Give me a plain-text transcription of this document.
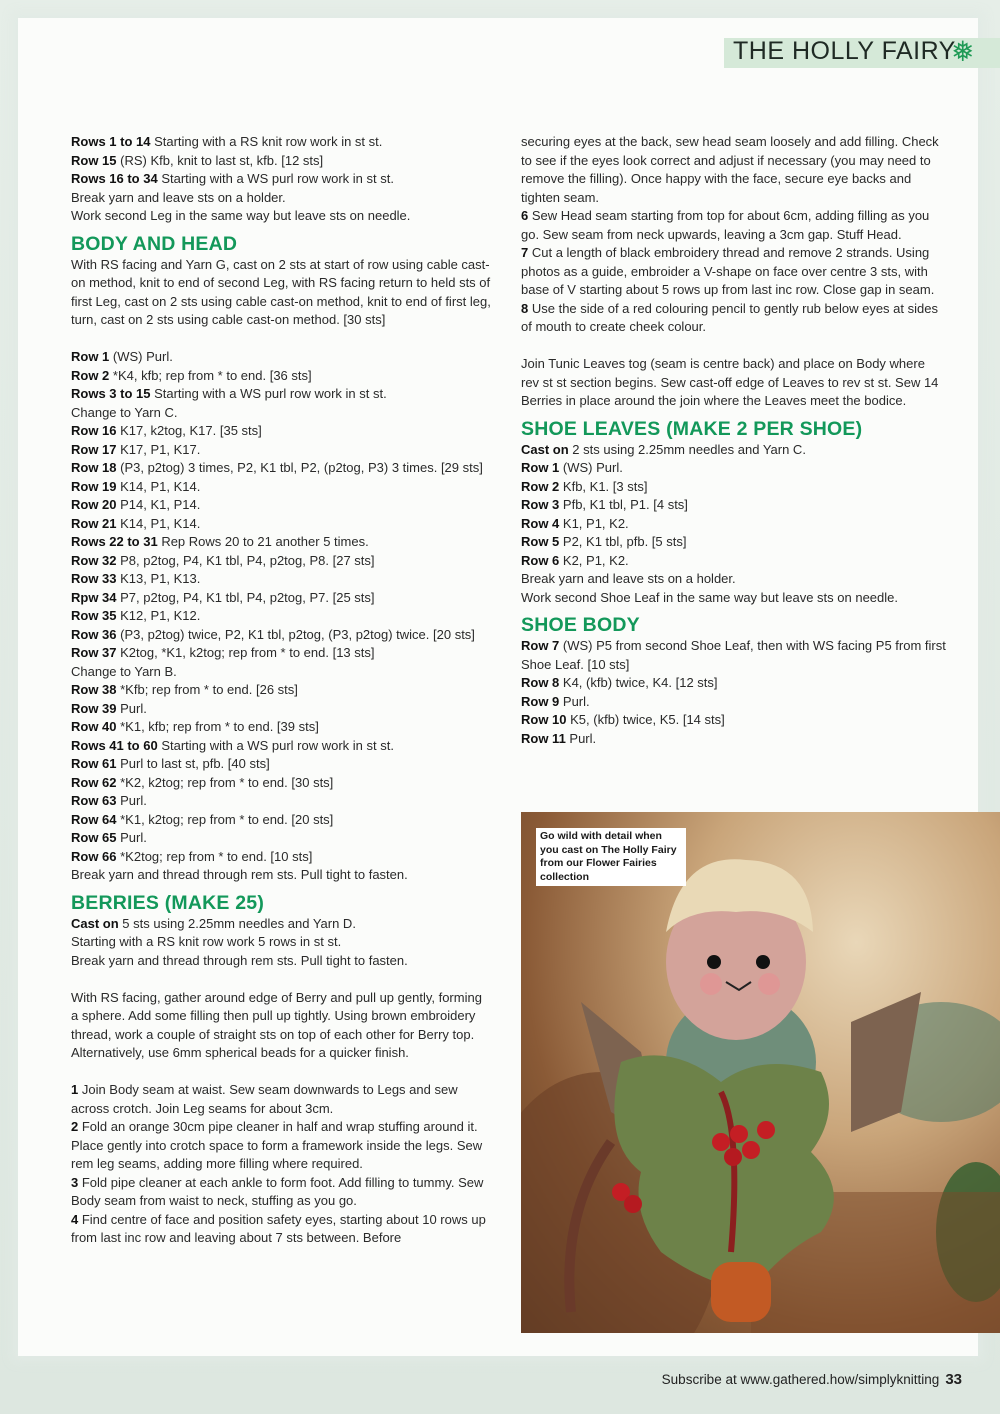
THE HOLLY FAIRY
❅

Rows 1 to 14 Starting with a RS knit row work in st st.

Row 15 (RS) Kfb, knit to last st, kfb. [12 sts]

Rows 16 to 34 Starting with a WS purl row work in st st.

Break yarn and leave sts on a holder.

Work second Leg in the same way but leave sts on needle.

BODY AND HEAD

With RS facing and Yarn G, cast on 2 sts at start of row using cable cast-on method, knit to end of second Leg, with RS facing return to held sts of first Leg, cast on 2 sts using cable cast-on method, knit to end of first leg, turn, cast on 2 sts using cable cast-on method. [30 sts]

Row 1 (WS) Purl.

Row 2 *K4, kfb; rep from * to end. [36 sts]

Rows 3 to 15 Starting with a WS purl row work in st st.

Change to Yarn C.

Row 16 K17, k2tog, K17. [35 sts]

Row 17 K17, P1, K17.

Row 18 (P3, p2tog) 3 times, P2, K1 tbl, P2, (p2tog, P3) 3 times. [29 sts]

Row 19 K14, P1, K14.

Row 20 P14, K1, P14.

Row 21 K14, P1, K14.

Rows 22 to 31 Rep Rows 20 to 21 another 5 times.

Row 32 P8, p2tog, P4, K1 tbl, P4, p2tog, P8. [27 sts]

Row 33 K13, P1, K13.

Rpw 34 P7, p2tog, P4, K1 tbl, P4, p2tog, P7. [25 sts]

Row 35 K12, P1, K12.

Row 36 (P3, p2tog) twice, P2, K1 tbl, p2tog, (P3, p2tog) twice. [20 sts]

Row 37 K2tog, *K1, k2tog; rep from * to end. [13 sts]

Change to Yarn B.

Row 38 *Kfb; rep from * to end. [26 sts]

Row 39 Purl.

Row 40 *K1, kfb; rep from * to end. [39 sts]

Rows 41 to 60 Starting with a WS purl row work in st st.

Row 61 Purl to last st, pfb. [40 sts]

Row 62 *K2, k2tog; rep from * to end. [30 sts]

Row 63 Purl.

Row 64 *K1, k2tog; rep from * to end. [20 sts]

Row 65 Purl.

Row 66 *K2tog; rep from * to end. [10 sts]

Break yarn and thread through rem sts. Pull tight to fasten.

BERRIES (MAKE 25)

Cast on 5 sts using 2.25mm needles and Yarn D.

Starting with a RS knit row work 5 rows in st st.

Break yarn and thread through rem sts. Pull tight to fasten.

With RS facing, gather around edge of Berry and pull up gently, forming a sphere. Add some filling then pull up tightly. Using brown embroidery thread, work a couple of straight sts on top of each other for Berry top. Alternatively, use 6mm spherical beads for a quicker finish.

1 Join Body seam at waist. Sew seam downwards to Legs and sew across crotch. Join Leg seams for about 3cm.

2 Fold an orange 30cm pipe cleaner in half and wrap stuffing around it. Place gently into crotch space to form a framework inside the legs. Sew rem leg seams, adding more filling where required.

3 Fold pipe cleaner at each ankle to form foot. Add filling to tummy. Sew Body seam from waist to neck, stuffing as you go.

4 Find centre of face and position safety eyes, starting about 10 rows up from last inc row and leaving about 7 sts between. Before

securing eyes at the back, sew head seam loosely and add filling. Check to see if the eyes look correct and adjust if necessary (you may need to remove the filling). Once happy with the face, secure eye backs and tighten seam.

6 Sew Head seam starting from top for about 6cm, adding filling as you go. Sew seam from neck upwards, leaving a 3cm gap. Stuff Head.

7 Cut a length of black embroidery thread and remove 2 strands. Using photos as a guide, embroider a V-shape on face over centre 3 sts, with base of V starting about 5 rows up from last inc row. Close gap in seam.

8 Use the side of a red colouring pencil to gently rub below eyes at sides of mouth to create cheek colour.

Join Tunic Leaves tog (seam is centre back) and place on Body where rev st st section begins. Sew cast-off edge of Leaves to rev st st. Sew 14 Berries in place around the join where the Leaves meet the bodice.

SHOE LEAVES (MAKE 2 PER SHOE)

Cast on 2 sts using 2.25mm needles and Yarn C.

Row 1 (WS) Purl.

Row 2 Kfb, K1. [3 sts]

Row 3 Pfb, K1 tbl, P1. [4 sts]

Row 4 K1, P1, K2.

Row 5 P2, K1 tbl, pfb. [5 sts]

Row 6 K2, P1, K2.

Break yarn and leave sts on a holder.

Work second Shoe Leaf in the same way but leave sts on needle.

SHOE BODY

Row 7 (WS) P5 from second Shoe Leaf, then with WS facing P5 from first Shoe Leaf. [10 sts]

Row 8 K4, (kfb) twice, K4. [12 sts]

Row 9 Purl.

Row 10 K5, (kfb) twice, K5. [14 sts]

Row 11 Purl.

Go wild with detail when you cast on The Holly Fairy from our Flower Fairies collection
Subscribe at www.gathered.how/simplyknitting 33
